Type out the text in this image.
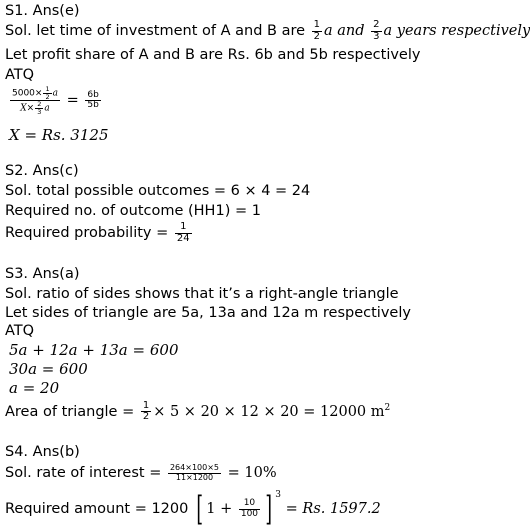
S1. Ans(e)
Sol. let time of investment of A and B are $\frac{1}{2}$ a and $\frac{2}{3}$ a years respectively
Let profit share of A and B are Rs. 6b and 5b respectively
ATQ
$\frac{5000\times \frac{1}{2} a}{X\times \frac{2}{3} a} = \frac{6b}{5b}$
X = Rs. 3125
S2. Ans(c)
Sol. total possible outcomes = 6 × 4 = 24
Required no. of outcome (HH1) = 1
Required probability = $\frac{1}{24}$
S3. Ans(a)
Sol. ratio of sides shows that it’s a right-angle triangle
Let sides of triangle are 5a, 13a and 12a m respectively
ATQ
5a + 12a + 13a = 600
30a = 600
a = 20
Area of triangle = $\frac{1}{2} \times 5 \times 20 \times 12 \times 20 = 12000$ $m^2$
S4. Ans(b)
Sol. rate of interest = $\frac{264\times 100\times 5}{11\times 1200} = 10\%$
Required amount = 1200 [ $1 + \frac{10}{100}$ ] $^3$ = Rs. 1597.2
